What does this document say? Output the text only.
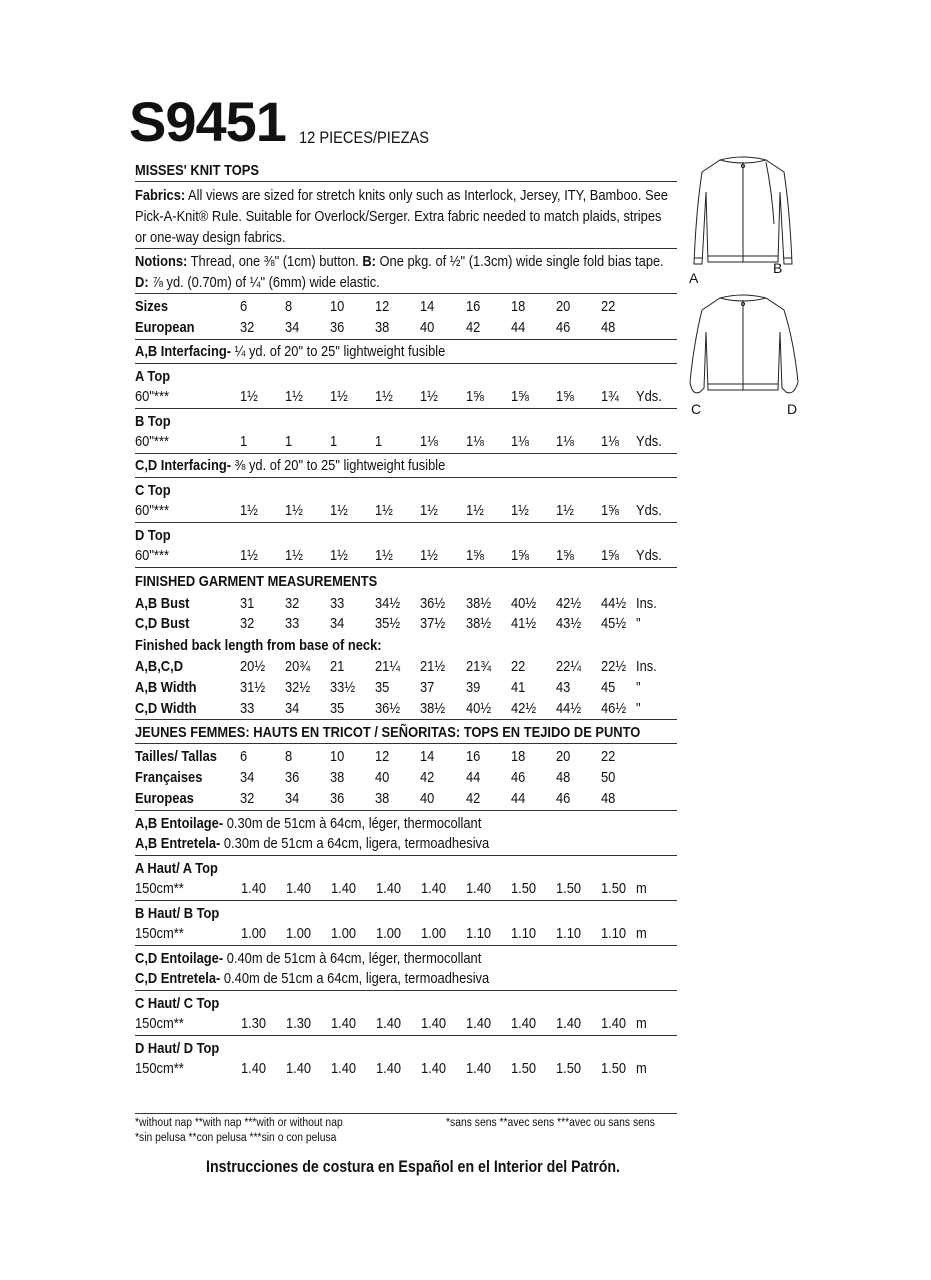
S9451 12 PIECES/PIEZAS
MISSES' KNIT TOPS
Fabrics: All views are sized for stretch knits only such as Interlock, Jersey, ITY, Bamboo. See Pick-A-Knit® Rule. Suitable for Overlock/Serger. Extra fabric needed to match plaids, stripes or one-way design fabrics.
Notions: Thread, one ⅜" (1cm) button. B: One pkg. of ½" (1.3cm) wide single fold bias tape. D: ⅞ yd. (0.70m) of ¼" (6mm) wide elastic.
Sizes	6	8	10 12 14 16 18 20 22
European	32 34 36 38 40 42 44 46 48
A,B Interfacing- ¼ yd. of 20" to 25" lightweight fusible
A Top
60"***	1½ 1½ 1½ 1½ 1½ 1⅝ 1⅝ 1⅝ 1¾ Yds.
B Top
60"***	1	1	1	1	1⅛ 1⅛ 1⅛ 1⅛ 1⅛ Yds.
C,D Interfacing- ⅜ yd. of 20" to 25" lightweight fusible
C Top
60"***	1½ 1½ 1½ 1½ 1½ 1½ 1½ 1½ 1⅝ Yds.
D Top
60"***	1½ 1½ 1½ 1½ 1½ 1⅝ 1⅝ 1⅝ 1⅝ Yds.
FINISHED GARMENT MEASUREMENTS
A,B Bust	31 32 33 34½ 36½ 38½ 40½ 42½ 44½ Ins.
C,D Bust	32 33 34 35½ 37½ 38½ 41½ 43½ 45½ "
Finished back length from base of neck:
A,B,C,D	20½ 20¾ 21 21¼ 21½ 21¾ 22 22¼ 22½ Ins.
A,B Width	31½ 32½ 33½ 35 37 39 41 43 45 "
C,D Width	33 34 35 36½ 38½ 40½ 42½ 44½ 46½ "
JEUNES FEMMES: HAUTS EN TRICOT / SEÑORITAS: TOPS EN TEJIDO DE PUNTO
Tailles/ Tallas 6	8	10 12 14 16 18 20 22
Françaises	34 36 38 40 42 44 46 48 50
Europeas	32 34 36 38 40 42 44 46 48
A,B Entoilage- 0.30m de 51cm à 64cm, léger, thermocollant
A,B Entretela- 0.30m de 51cm a 64cm, ligera, termoadhesiva
A Haut/ A Top
150cm**	1.40 1.40 1.40 1.40 1.40 1.40 1.50 1.50 1.50 m
B Haut/ B Top
150cm**	1.00 1.00 1.00 1.00 1.00 1.10 1.10 1.10 1.10 m
C,D Entoilage- 0.40m de 51cm à 64cm, léger, thermocollant
C,D Entretela- 0.40m de 51cm a 64cm, ligera, termoadhesiva
C Haut/ C Top
150cm**	1.30 1.30 1.40 1.40 1.40 1.40 1.40 1.40 1.40 m
D Haut/ D Top
150cm**	1.40 1.40 1.40 1.40 1.40 1.40 1.50 1.50 1.50 m
*without nap **with nap ***with or without nap	*sans sens **avec sens ***avec ou sans sens
*sin pelusa **con pelusa ***sin o con pelusa
Instrucciones de costura en Español en el Interior del Patrón.
A
B
C	D
